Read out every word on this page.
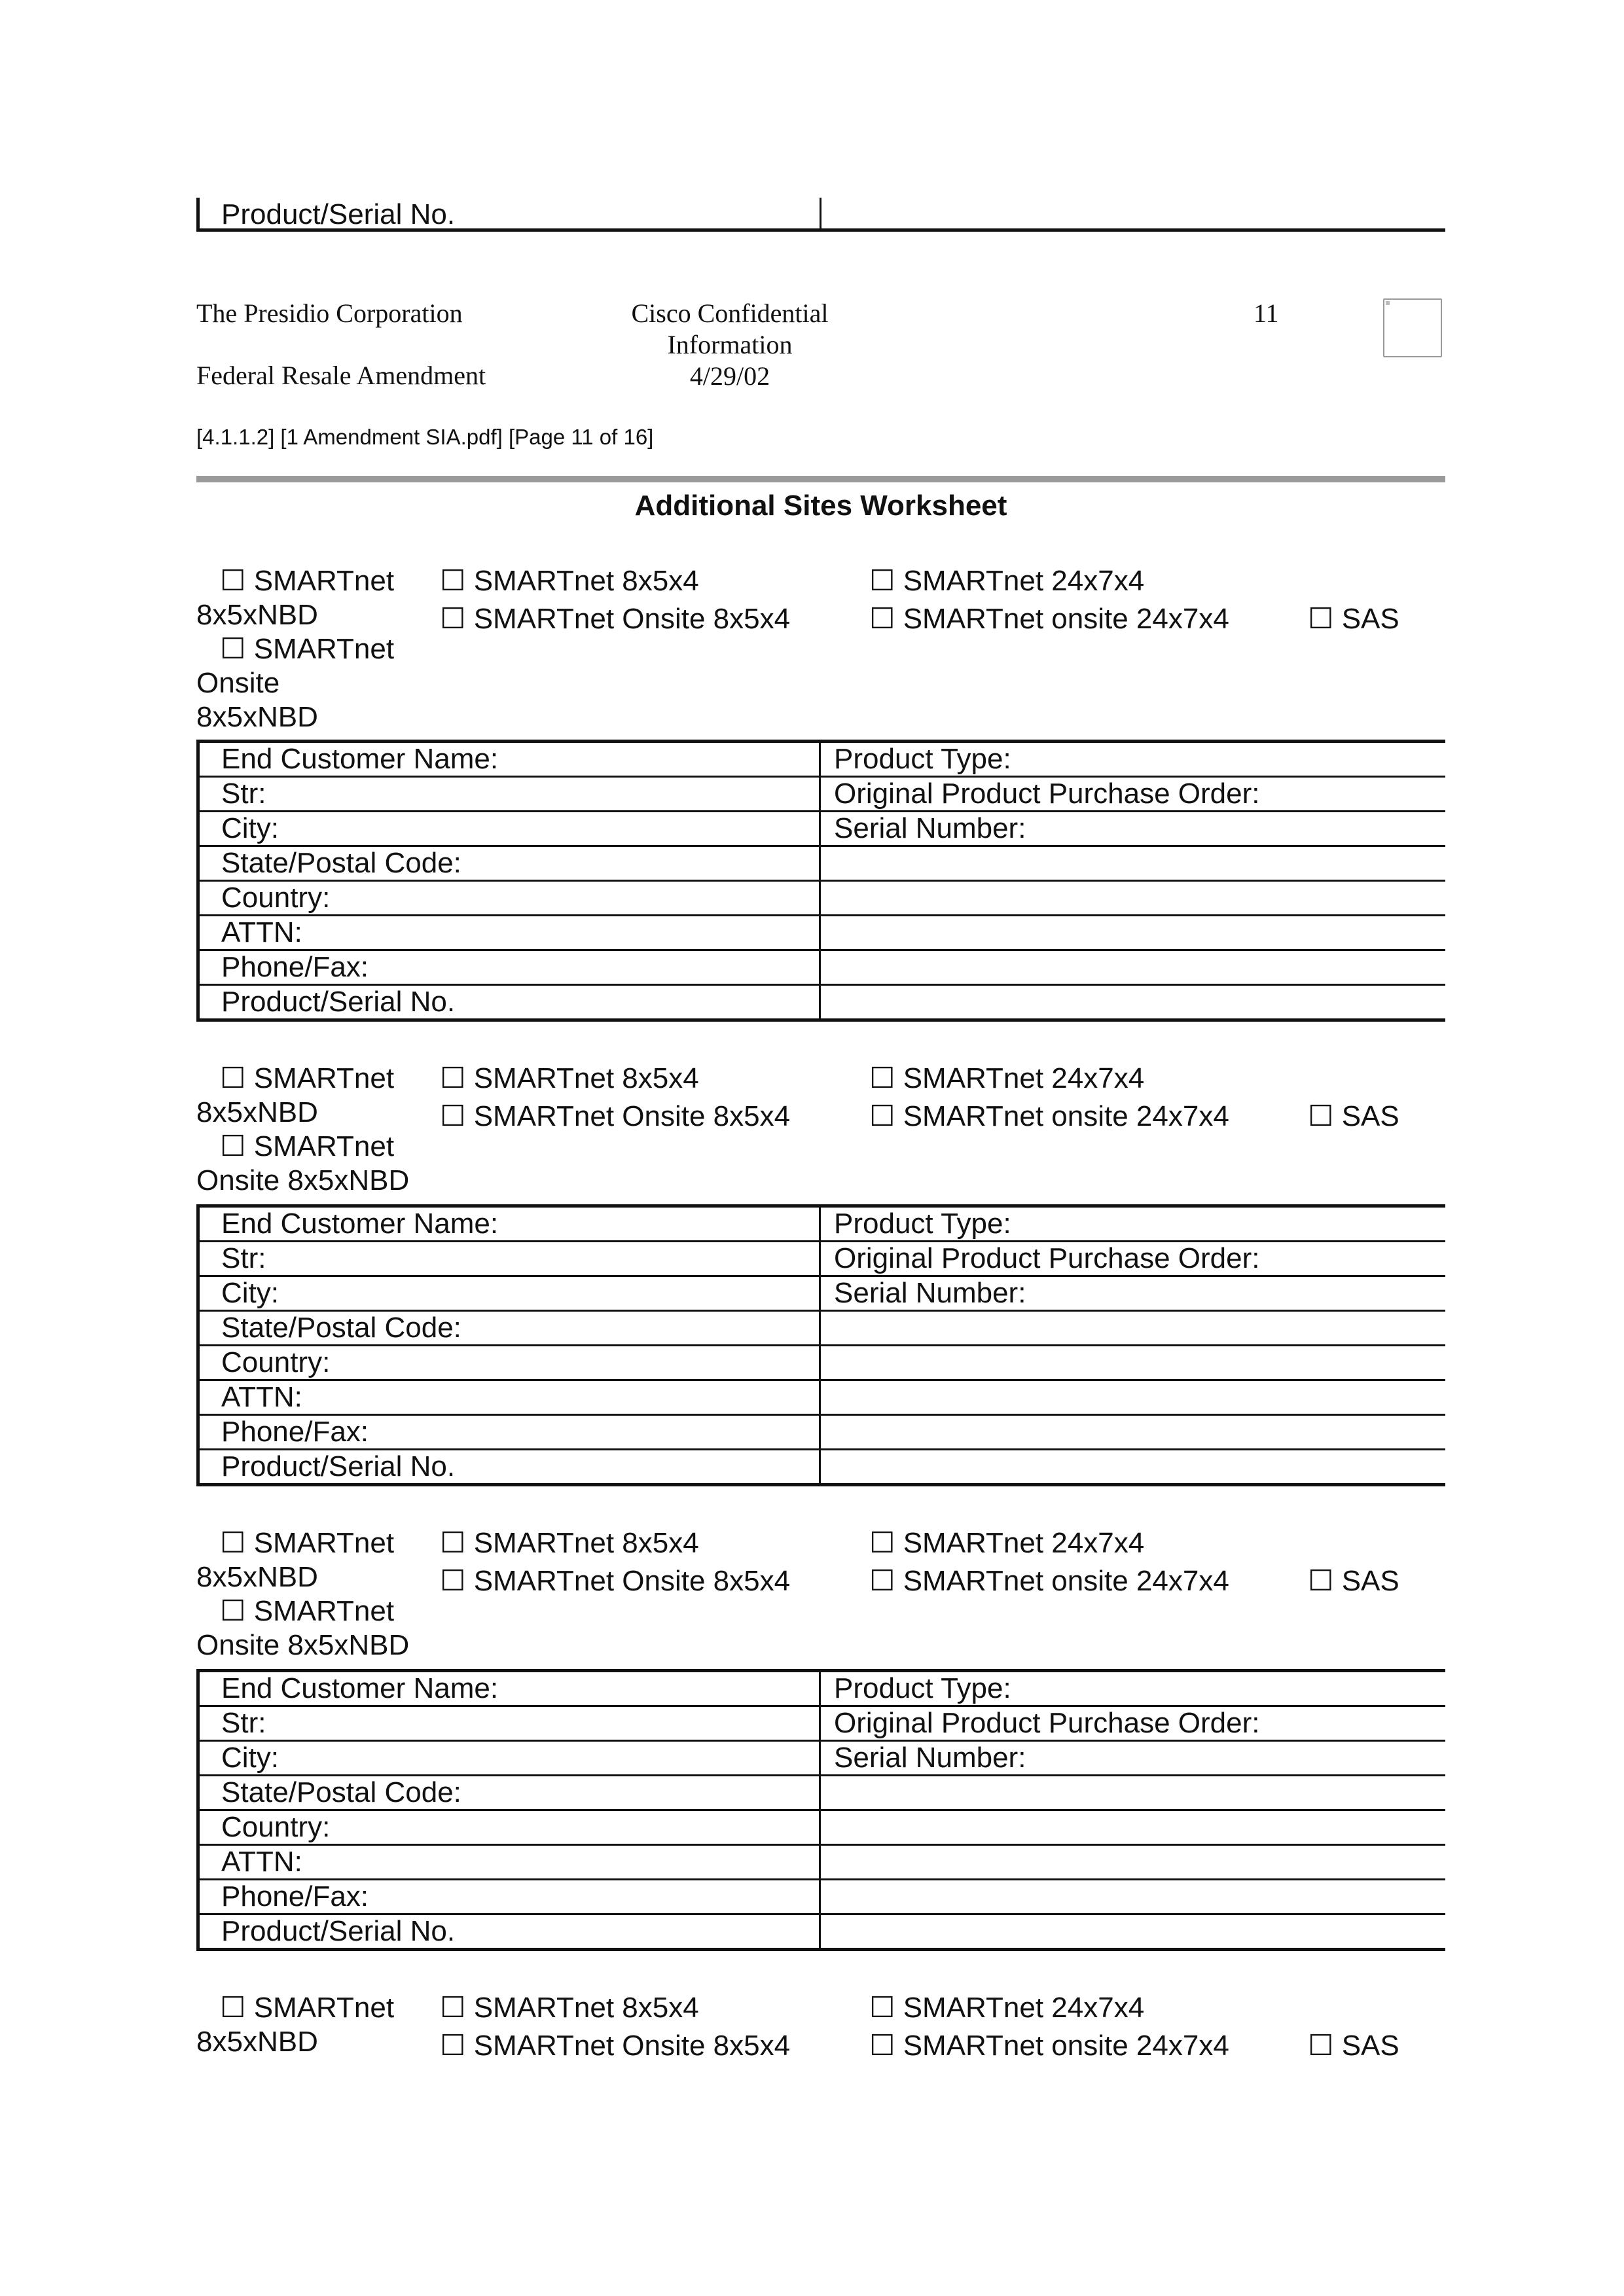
Product/Serial No.
The Presidio Corporation
Federal Resale Amendment
Cisco Confidential
Information
4/29/02
11
[4.1.1.2] [1 Amendment SIA.pdf] [Page 11 of 16]
Additional Sites Worksheet
☐ SMARTnet 8x5xNBD
☐ SMARTnet Onsite 8x5xNBD
☐ SMARTnet 8x5x4
☐ SMARTnet Onsite 8x5x4
☐ SMARTnet 24x7x4
☐ SMARTnet onsite 24x7x4	☐ SAS
☐ SMARTnet 8x5xNBD
☐ SMARTnet Onsite 8x5xNBD
☐ SMARTnet 8x5x4
☐ SMARTnet Onsite 8x5x4
☐ SMARTnet 24x7x4
☐ SMARTnet onsite 24x7x4	☐ SAS
☐ SMARTnet 8x5xNBD
☐ SMARTnet Onsite 8x5xNBD
☐ SMARTnet 8x5x4
☐ SMARTnet Onsite 8x5x4
☐ SMARTnet 24x7x4
☐ SMARTnet onsite 24x7x4	☐ SAS
☐ SMARTnet 8x5xNBD
☐ SMARTnet 8x5x4
☐ SMARTnet Onsite 8x5x4
☐ SMARTnet 24x7x4
☐ SMARTnet onsite 24x7x4	☐ SAS
End Customer Name:	Product Type:
Str:	Original Product Purchase Order:
City:	Serial Number:
State/Postal Code:	
Country:	
ATTN:	
Phone/Fax:	
Product/Serial No.	
End Customer Name:	Product Type:
Str:	Original Product Purchase Order:
City:	Serial Number:
State/Postal Code:	
Country:	
ATTN:	
Phone/Fax:	
Product/Serial No.	
End Customer Name:	Product Type:
Str:	Original Product Purchase Order:
City:	Serial Number:
State/Postal Code:	
Country:	
ATTN:	
Phone/Fax:	
Product/Serial No.	
